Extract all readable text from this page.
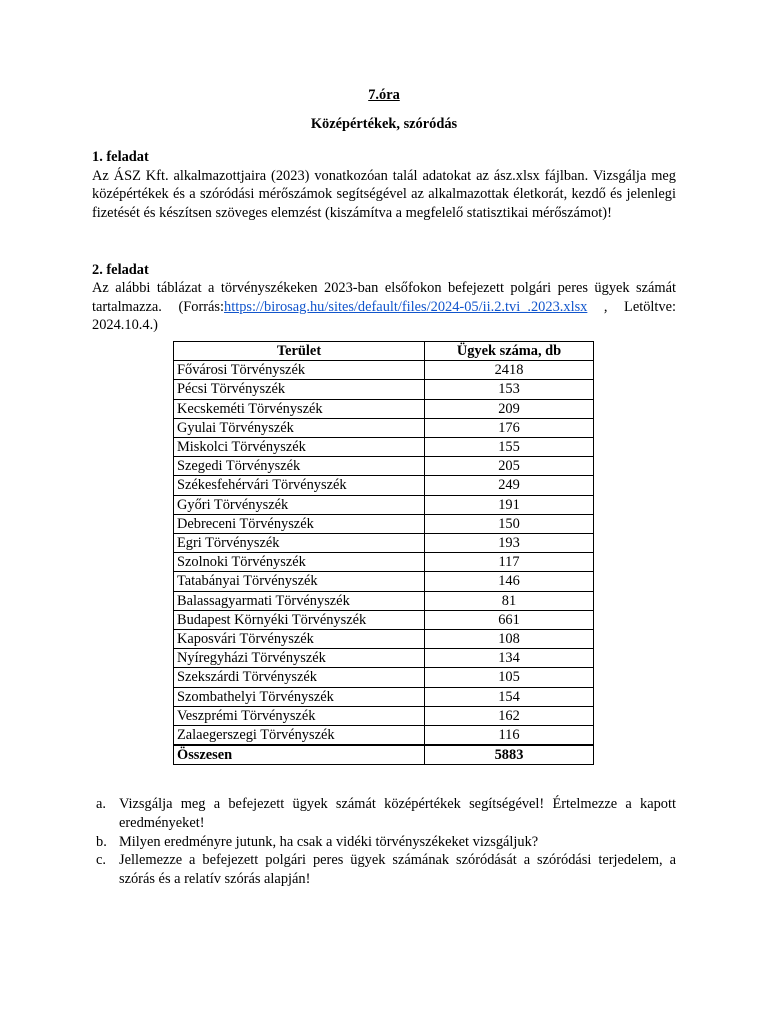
7.óra

Középértékek, szóródás

1. feladat

Az ÁSZ Kft. alkalmazottjaira (2023) vonatkozóan talál adatokat az ász.xlsx fájlban. Vizsgálja meg középértékek és a szóródási mérőszámok segítségével az alkalmazottak életkorát, kezdő és jelenlegi fizetését és készítsen szöveges elemzést (kiszámítva a megfelelő statisztikai mérőszámot)!

2. feladat

Az alábbi táblázat a törvényszékeken 2023-ban elsőfokon befejezett polgári peres ügyek számát tartalmazza. (Forrás:https://birosag.hu/sites/default/files/2024-05/ii.2.tvi_.2023.xlsx , Letöltve: 2024.10.4.)

Terület	Ügyek száma, db
Fővárosi Törvényszék	2418
Pécsi Törvényszék	153
Kecskeméti Törvényszék	209
Gyulai Törvényszék	176
Miskolci Törvényszék	155
Szegedi Törvényszék	205
Székesfehérvári Törvényszék	249
Győri Törvényszék	191
Debreceni Törvényszék	150
Egri Törvényszék	193
Szolnoki Törvényszék	117
Tatabányai Törvényszék	146
Balassagyarmati Törvényszék	81
Budapest Környéki Törvényszék	661
Kaposvári Törvényszék	108
Nyíregyházi Törvényszék	134
Szekszárdi Törvényszék	105
Szombathelyi Törvényszék	154
Veszprémi Törvényszék	162
Zalaegerszegi Törvényszék	116
Összesen	5883
a. Vizsgálja meg a befejezett ügyek számát középértékek segítségével! Értelmezze a kapott eredményeket!
b. Milyen eredményre jutunk, ha csak a vidéki törvényszékeket vizsgáljuk?
c. Jellemezze a befejezett polgári peres ügyek számának szóródását a szóródási terjedelem, a szórás és a relatív szórás alapján!
